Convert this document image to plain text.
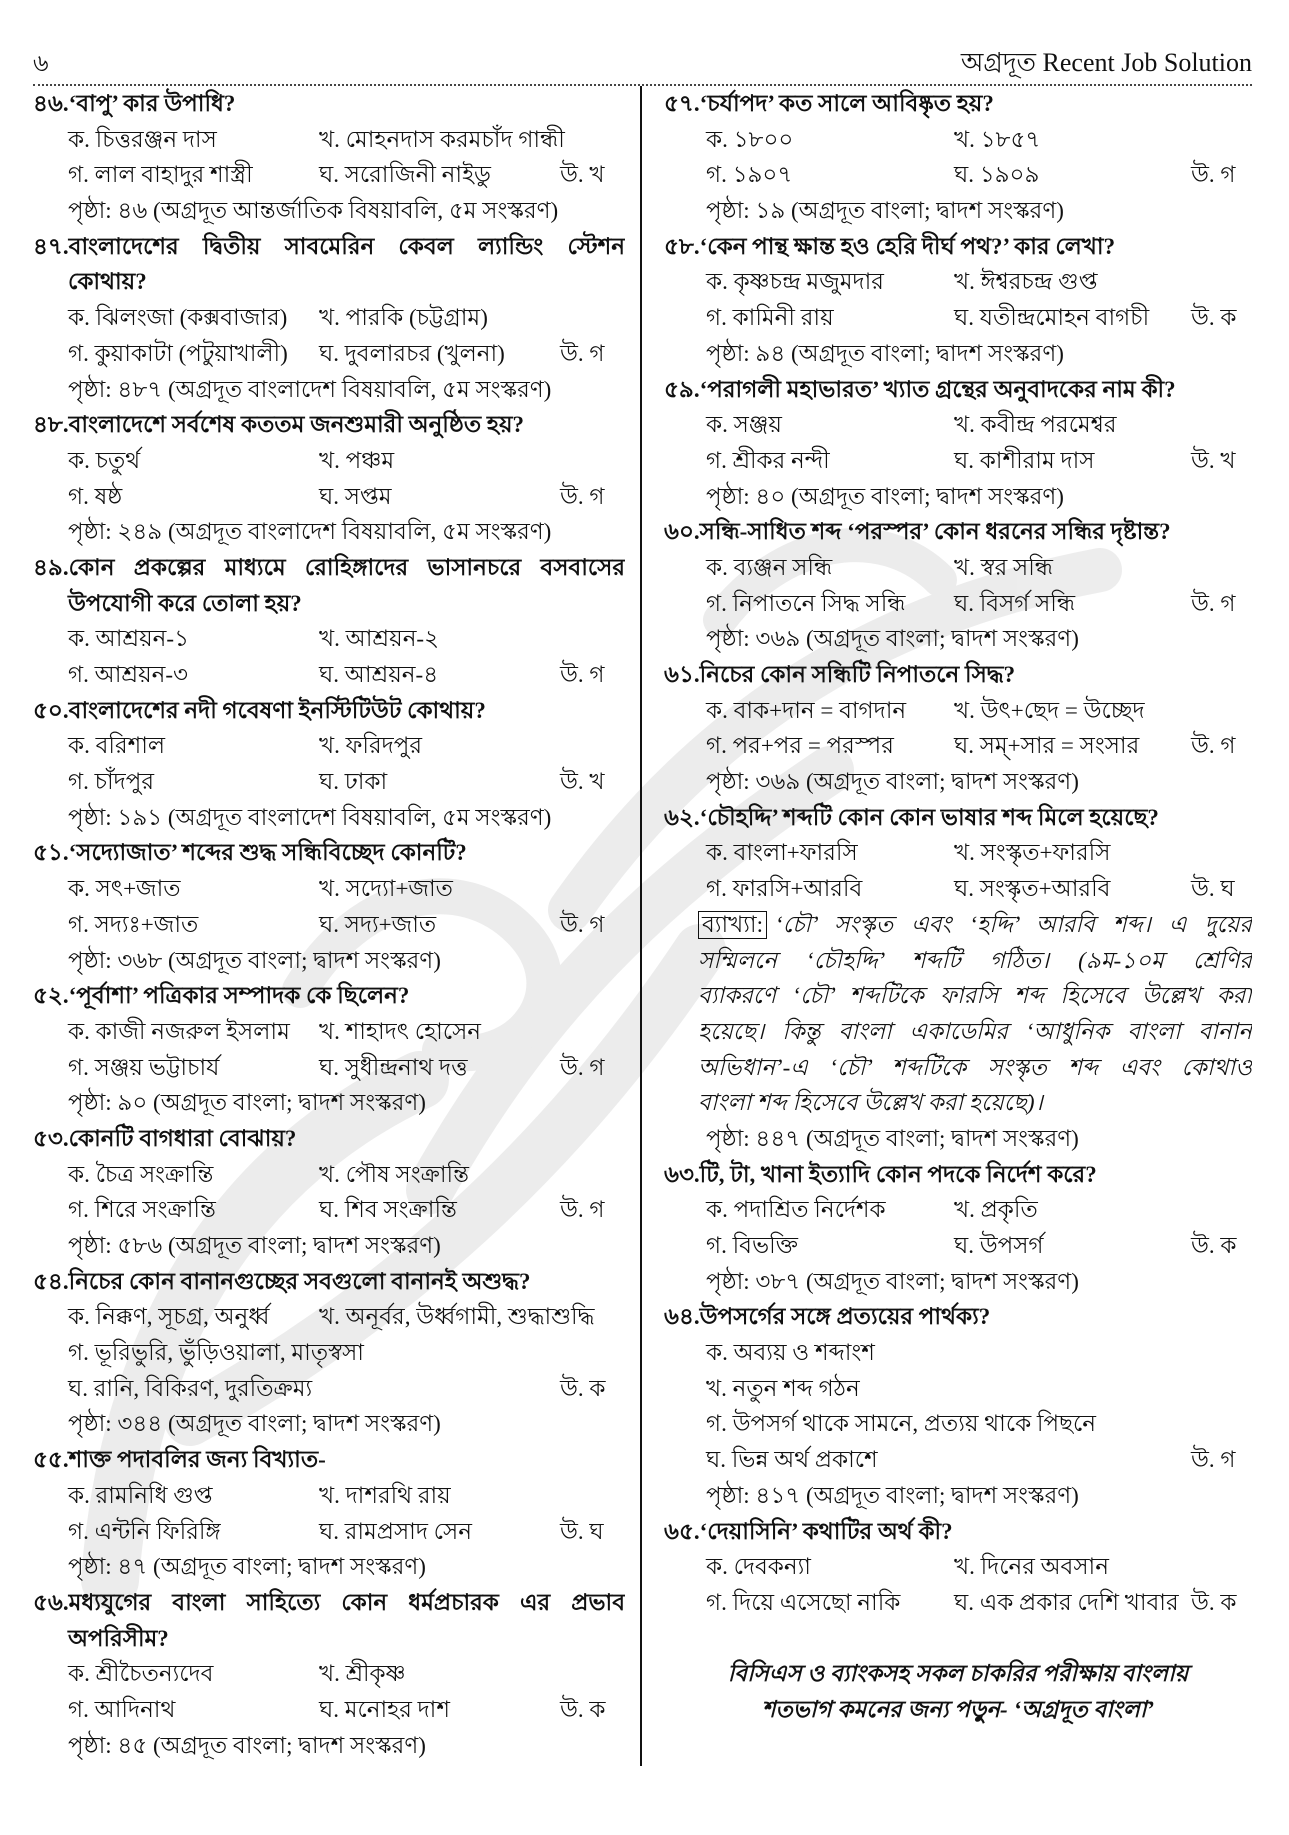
৬	অগ্রদূত Recent Job Solution
৪৬.‘বাপু’ কার উপাধি?
ক. চিত্তরঞ্জন দাস	খ. মোহনদাস করমচাঁদ গান্ধী
গ. লাল বাহাদুর শাস্ত্রী	ঘ. সরোজিনী নাইডু	উ. খ
পৃষ্ঠা: ৪৬ (অগ্রদূত আন্তর্জাতিক বিষয়াবলি, ৫ম সংস্করণ)
৪৭.বাংলাদেশের দ্বিতীয় সাবমেরিন কেবল ল্যান্ডিং স্টেশন
কোথায়?
ক. ঝিলংজা (কক্সবাজার) খ. পারকি (চট্টগ্রাম)
গ. কুয়াকাটা (পটুয়াখালী) ঘ. দুবলারচর (খুলনা) উ. গ
পৃষ্ঠা: ৪৮৭ (অগ্রদূত বাংলাদেশ বিষয়াবলি, ৫ম সংস্করণ)
৪৮.বাংলাদেশে সর্বশেষ কততম জনশুমারী অনুষ্ঠিত হয়?
ক. চতুর্থ	খ. পঞ্চম
গ. ষষ্ঠ	ঘ. সপ্তম	উ. গ
পৃষ্ঠা: ২৪৯ (অগ্রদূত বাংলাদেশ বিষয়াবলি, ৫ম সংস্করণ)
৪৯.কোন প্রকল্পের মাধ্যমে রোহিঙ্গাদের ভাসানচরে বসবাসের
উপযোগী করে তোলা হয়?
ক. আশ্রয়ন-১	খ. আশ্রয়ন-২
গ. আশ্রয়ন-৩	ঘ. আশ্রয়ন-৪	উ. গ
৫০.বাংলাদেশের নদী গবেষণা ইনস্টিটিউট কোথায়?
ক. বরিশাল	খ. ফরিদপুর
গ. চাঁদপুর	ঘ. ঢাকা	উ. খ
পৃষ্ঠা: ১৯১ (অগ্রদূত বাংলাদেশ বিষয়াবলি, ৫ম সংস্করণ)
৫১.‘সদ্যোজাত’ শব্দের শুদ্ধ সন্ধিবিচ্ছেদ কোনটি?
ক. সৎ+জাত	খ. সদ্যো+জাত
গ. সদ্যঃ+জাত	ঘ. সদ্য+জাত	উ. গ
পৃষ্ঠা: ৩৬৮ (অগ্রদূত বাংলা; দ্বাদশ সংস্করণ)
৫২.‘পূর্বাশা’ পত্রিকার সম্পাদক কে ছিলেন?
ক. কাজী নজরুল ইসলাম খ. শাহাদৎ হোসেন
গ. সঞ্জয় ভট্টাচার্য	ঘ. সুধীন্দ্রনাথ দত্ত	উ. গ
পৃষ্ঠা: ৯০ (অগ্রদূত বাংলা; দ্বাদশ সংস্করণ)
৫৩.কোনটি বাগধারা বোঝায়?
ক. চৈত্র সংক্রান্তি	খ. পৌষ সংক্রান্তি
গ. শিরে সংক্রান্তি	ঘ. শিব সংক্রান্তি	উ. গ
পৃষ্ঠা: ৫৮৬ (অগ্রদূত বাংলা; দ্বাদশ সংস্করণ)
৫৪.নিচের কোন বানানগুচ্ছের সবগুলো বানানই অশুদ্ধ?
ক. নিক্কণ, সূচগ্র, অনুর্ধ্ব খ. অনূর্বর, উর্ধ্বগামী, শুদ্ধাশুদ্ধি
গ. ভূরিভুরি, ভুঁড়িওয়ালা, মাতৃস্বসা
ঘ. রানি, বিকিরণ, দুরতিক্রম্য	উ. ক
পৃষ্ঠা: ৩৪৪ (অগ্রদূত বাংলা; দ্বাদশ সংস্করণ)
৫৫.শাক্ত পদাবলির জন্য বিখ্যাত-
ক. রামনিধি গুপ্ত	খ. দাশরথি রায়
গ. এন্টনি ফিরিঙ্গি	ঘ. রামপ্রসাদ সেন	উ. ঘ
পৃষ্ঠা: ৪৭ (অগ্রদূত বাংলা; দ্বাদশ সংস্করণ)
৫৬.মধ্যযুগের বাংলা সাহিত্যে কোন ধর্মপ্রচারক এর প্রভাব
অপরিসীম?
ক. শ্রীচৈতন্যদেব	খ. শ্রীকৃষ্ণ
গ. আদিনাথ	ঘ. মনোহর দাশ	উ. ক
পৃষ্ঠা: ৪৫ (অগ্রদূত বাংলা; দ্বাদশ সংস্করণ)
৫৭.‘চর্যাপদ’ কত সালে আবিষ্কৃত হয়?
ক. ১৮০০	খ. ১৮৫৭
গ. ১৯০৭	ঘ. ১৯০৯	উ. গ
পৃষ্ঠা: ১৯ (অগ্রদূত বাংলা; দ্বাদশ সংস্করণ)
৫৮.‘কেন পান্থ ক্ষান্ত হও হেরি দীর্ঘ পথ?’ কার লেখা?
ক. কৃষ্ণচন্দ্র মজুমদার	খ. ঈশ্বরচন্দ্র গুপ্ত
গ. কামিনী রায়	ঘ. যতীন্দ্রমোহন বাগচী উ. ক
পৃষ্ঠা: ৯৪ (অগ্রদূত বাংলা; দ্বাদশ সংস্করণ)
৫৯.‘পরাগলী মহাভারত’ খ্যাত গ্রন্থের অনুবাদকের নাম কী?
ক. সঞ্জয়	খ. কবীন্দ্র পরমেশ্বর
গ. শ্রীকর নন্দী	ঘ. কাশীরাম দাস	উ. খ
পৃষ্ঠা: ৪০ (অগ্রদূত বাংলা; দ্বাদশ সংস্করণ)
৬০.সন্ধি-সাধিত শব্দ ‘পরস্পর’ কোন ধরনের সন্ধির দৃষ্টান্ত?
ক. ব্যঞ্জন সন্ধি	খ. স্বর সন্ধি
গ. নিপাতনে সিদ্ধ সন্ধি ঘ. বিসর্গ সন্ধি	উ. গ
পৃষ্ঠা: ৩৬৯ (অগ্রদূত বাংলা; দ্বাদশ সংস্করণ)
৬১.নিচের কোন সন্ধিটি নিপাতনে সিদ্ধ?
ক. বাক+দান = বাগদান খ. উৎ+ছেদ = উচ্ছেদ
গ. পর+পর = পরস্পর	ঘ. সম্+সার = সংসার উ. গ
পৃষ্ঠা: ৩৬৯ (অগ্রদূত বাংলা; দ্বাদশ সংস্করণ)
৬২.‘চৌহদ্দি’ শব্দটি কোন কোন ভাষার শব্দ মিলে হয়েছে?
ক. বাংলা+ফারসি	খ. সংস্কৃত+ফারসি
গ. ফারসি+আরবি	ঘ. সংস্কৃত+আরবি	উ. ঘ
ব্যাখ্যা: ‘চৌ’ সংস্কৃত এবং ‘হদ্দি’ আরবি শব্দ। এ দুয়ের
সম্মিলনে ‘চৌহদ্দি’ শব্দটি গঠিত। (৯ম-১০ম শ্রেণির
ব্যাকরণে ‘চৌ’ শব্দটিকে ফারসি শব্দ হিসেবে উল্লেখ করা
হয়েছে। কিন্তু বাংলা একাডেমির ‘আধুনিক বাংলা বানান
অভিধান’-এ ‘চৌ’ শব্দটিকে সংস্কৃত শব্দ এবং কোথাও
বাংলা শব্দ হিসেবে উল্লেখ করা হয়েছে)।
পৃষ্ঠা: ৪৪৭ (অগ্রদূত বাংলা; দ্বাদশ সংস্করণ)
৬৩.টি, টা, খানা ইত্যাদি কোন পদকে নির্দেশ করে?
ক. পদাশ্রিত নির্দেশক	খ. প্রকৃতি
গ. বিভক্তি	ঘ. উপসর্গ	উ. ক
পৃষ্ঠা: ৩৮৭ (অগ্রদূত বাংলা; দ্বাদশ সংস্করণ)
৬৪.উপসর্গের সঙ্গে প্রত্যয়ের পার্থক্য?
ক. অব্যয় ও শব্দাংশ
খ. নতুন শব্দ গঠন
গ. উপসর্গ থাকে সামনে, প্রত্যয় থাকে পিছনে
ঘ. ভিন্ন অর্থ প্রকাশে	উ. গ
পৃষ্ঠা: ৪১৭ (অগ্রদূত বাংলা; দ্বাদশ সংস্করণ)
৬৫.‘দেয়াসিনি’ কথাটির অর্থ কী?
ক. দেবকন্যা	খ. দিনের অবসান
গ. দিয়ে এসেছো নাকি ঘ. এক প্রকার দেশি খাবার উ. ক
বিসিএস ও ব্যাংকসহ সকল চাকরির পরীক্ষায় বাংলায়
শতভাগ কমনের জন্য পড়ুন- ‘অগ্রদূত বাংলা’
